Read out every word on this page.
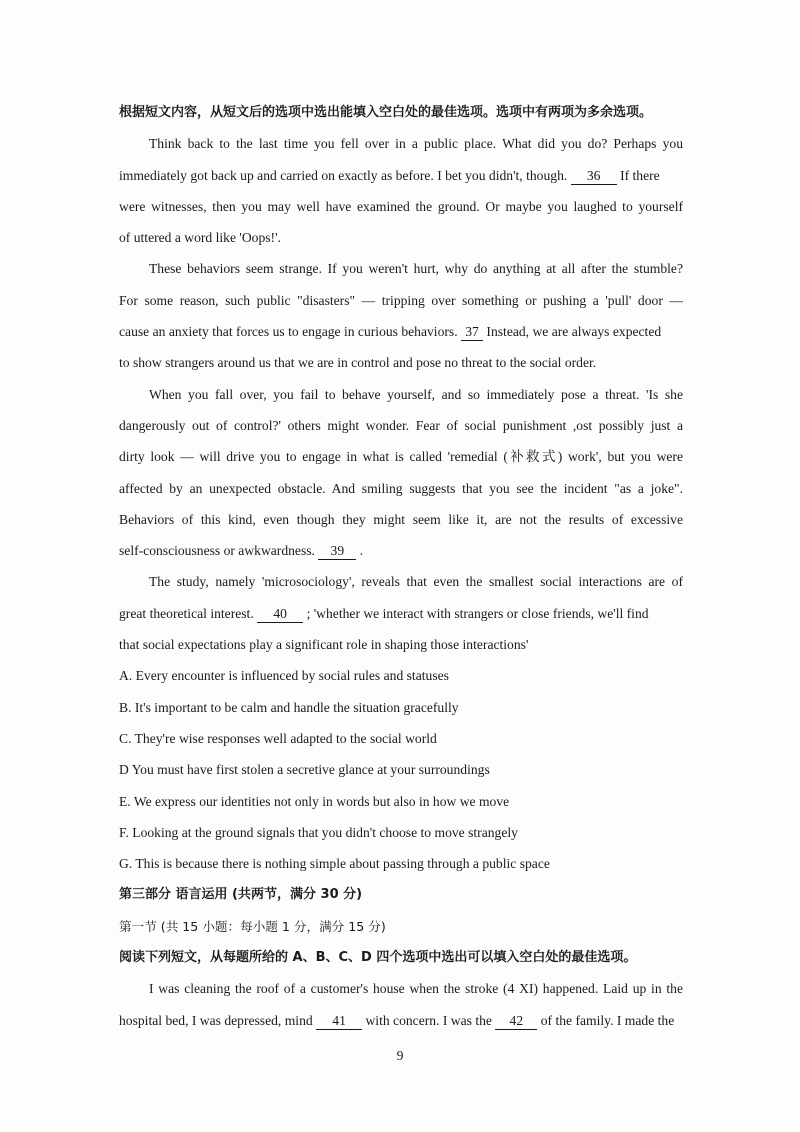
根据短文内容，从短文后的选项中选出能填入空白处的最佳选项。选项中有两项为多余选项。
Think back to the last time you fell over in a public place. What did you do? Perhaps you
immediately got back up and carried on exactly as before. I bet you didn't, though. 36 If there
were witnesses, then you may well have examined the ground. Or maybe you laughed to yourself
of uttered a word like 'Oops!'.
These behaviors seem strange. If you weren't hurt, why do anything at all after the stumble?
For some reason, such public "disasters" — tripping over something or pushing a 'pull' door —
cause an anxiety that forces us to engage in curious behaviors. 37 Instead, we are always expected
to show strangers around us that we are in control and pose no threat to the social order.
When you fall over, you fail to behave yourself, and so immediately pose a threat. 'Is she
dangerously out of control?' others might wonder. Fear of social punishment ,ost possibly just a
dirty look — will drive you to engage in what is called 'remedial (补救式) work', but you were
affected by an unexpected obstacle. And smiling suggests that you see the incident "as a joke".
Behaviors of this kind, even though they might seem like it, are not the results of excessive
self-consciousness or awkwardness. 39 .
The study, namely 'microsociology', reveals that even the smallest social interactions are of
great theoretical interest. 40 ; 'whether we interact with strangers or close friends, we'll find
that social expectations play a significant role in shaping those interactions'
A. Every encounter is influenced by social rules and statuses
B. It's important to be calm and handle the situation gracefully
C. They're wise responses well adapted to the social world
D You must have first stolen a secretive glance at your surroundings
E. We express our identities not only in words but also in how we move
F. Looking at the ground signals that you didn't choose to move strangely
G. This is because there is nothing simple about passing through a public space
第三部分 语言运用 (共两节，满分 30 分)
第一节 (共 15 小题：每小题 1 分，满分 15 分)
阅读下列短文，从每题所给的 A、B、C、D 四个选项中选出可以填入空白处的最佳选项。
I was cleaning the roof of a customer's house when the stroke (4 XI) happened. Laid up in the
hospital bed, I was depressed, mind 41 with concern. I was the 42 of the family. I made the
9
